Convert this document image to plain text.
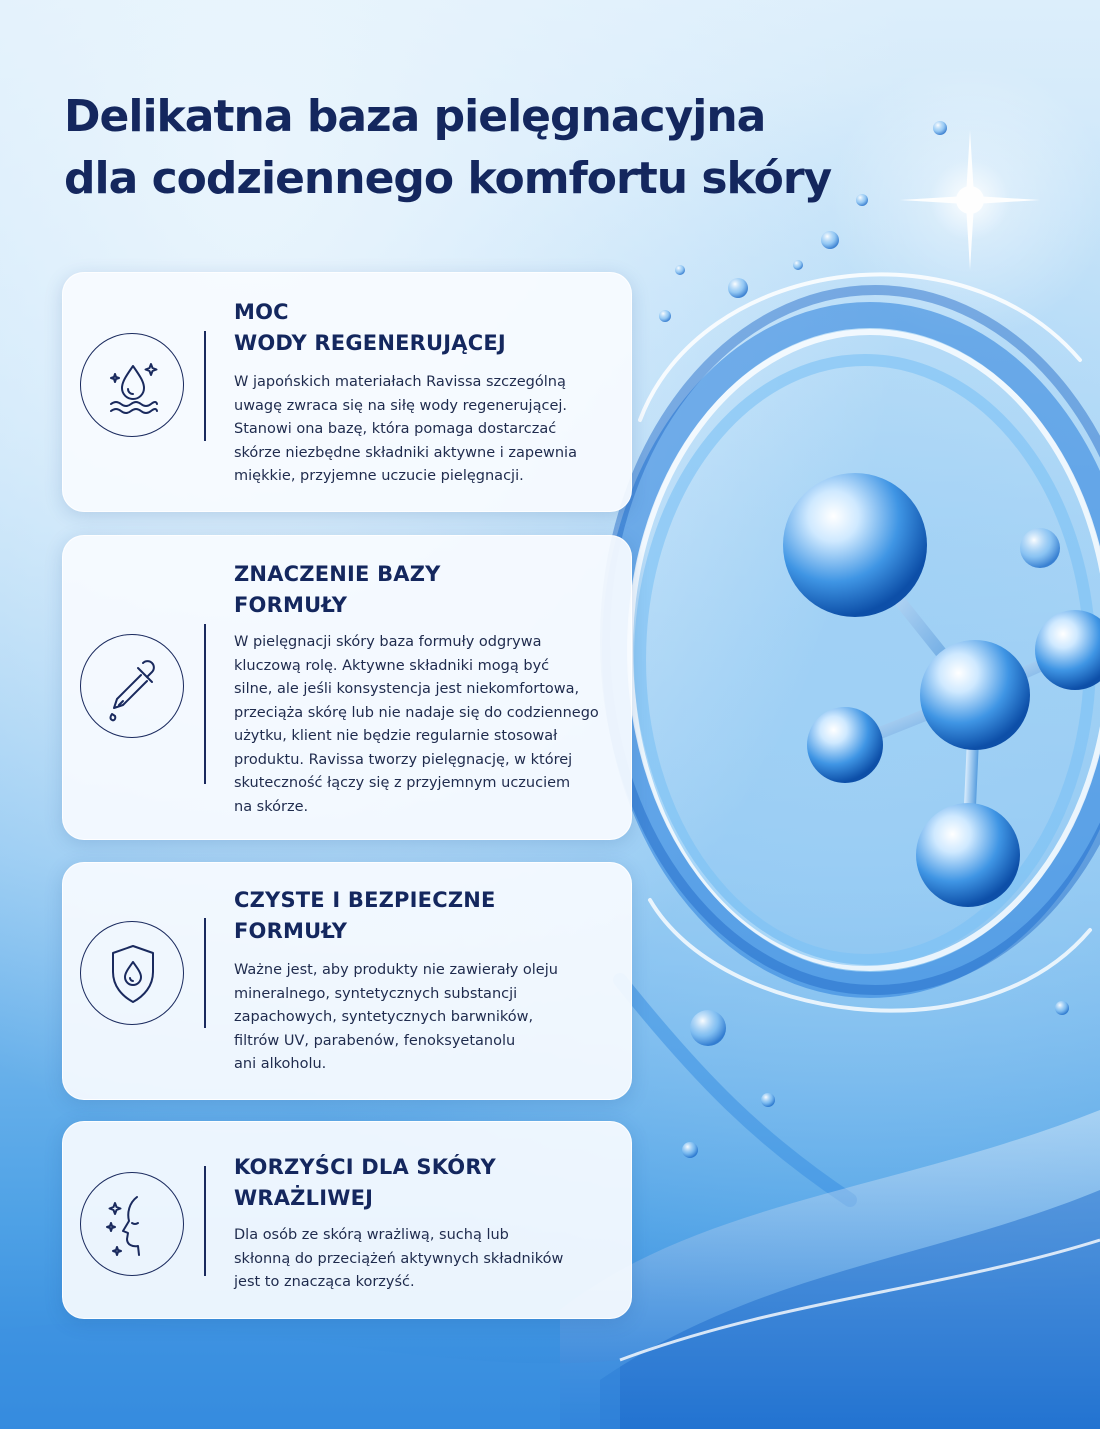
Delikatna baza pielęgnacyjna
dla codziennego komfortu skóry
MOC
WODY REGENERUJĄCEJ

W japońskich materiałach Ravissa szczególną
uwagę zwraca się na siłę wody regenerującej.
Stanowi ona bazę, która pomaga dostarczać
skórze niezbędne składniki aktywne i zapewnia
miękkie, przyjemne uczucie pielęgnacji.

ZNACZENIE BAZY
FORMUŁY

W pielęgnacji skóry baza formuły odgrywa
kluczową rolę. Aktywne składniki mogą być
silne, ale jeśli konsystencja jest niekomfortowa,
przeciąża skórę lub nie nadaje się do codziennego
użytku, klient nie będzie regularnie stosował
produktu. Ravissa tworzy pielęgnację, w której
skuteczność łączy się z przyjemnym uczuciem
na skórze.

CZYSTE I BEZPIECZNE
FORMUŁY

Ważne jest, aby produkty nie zawierały oleju
mineralnego, syntetycznych substancji
zapachowych, syntetycznych barwników,
filtrów UV, parabenów, fenoksyetanolu
ani alkoholu.

KORZYŚCI DLA SKÓRY
WRAŻLIWEJ

Dla osób ze skórą wrażliwą, suchą lub
skłonną do przeciążeń aktywnych składników
jest to znacząca korzyść.
